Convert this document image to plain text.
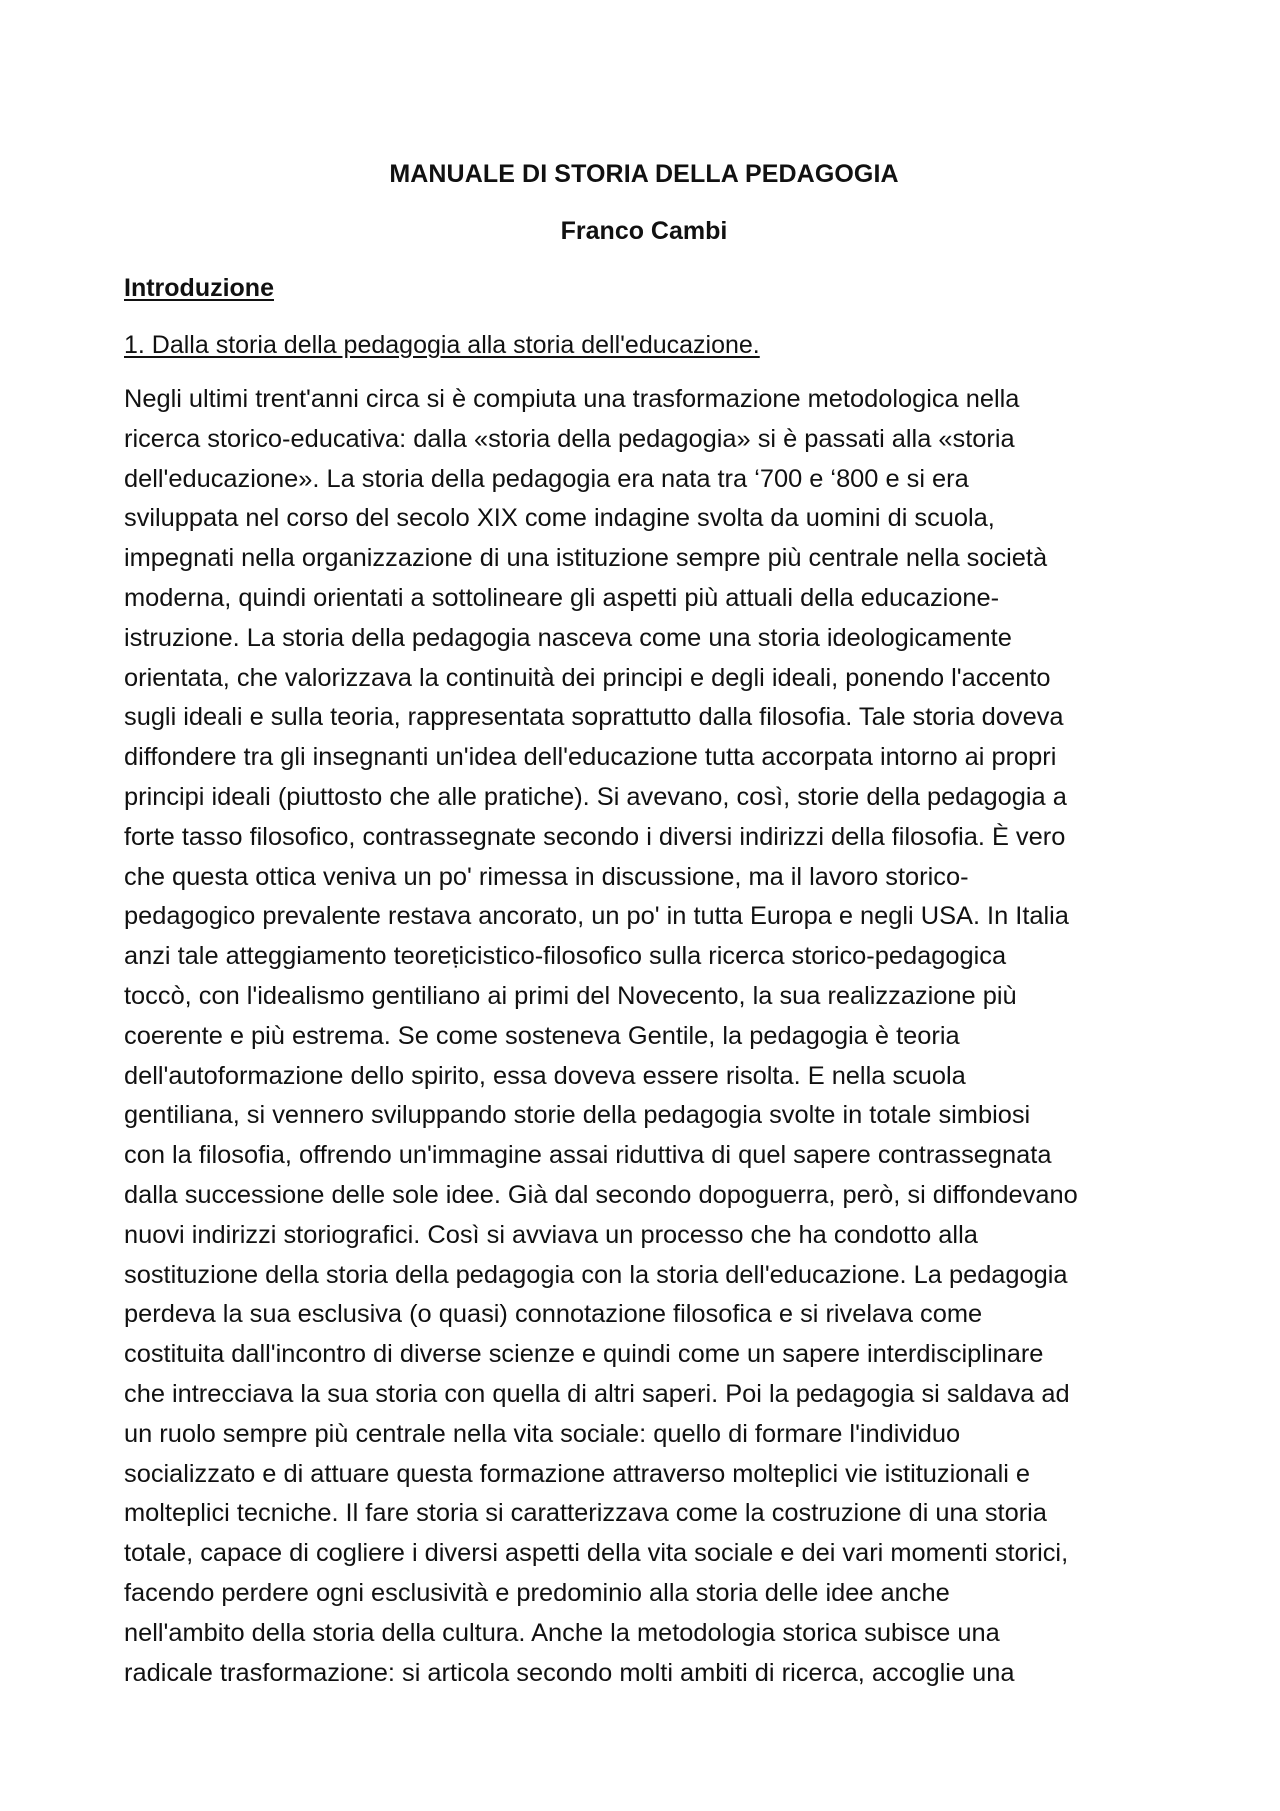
MANUALE DI STORIA DELLA PEDAGOGIA
Franco Cambi
Introduzione
1. Dalla storia della pedagogia alla storia dell'educazione.

Negli ultimi trent'anni circa si è compiuta una trasformazione metodologica nella
ricerca storico-educativa: dalla «storia della pedagogia» si è passati alla «storia
dell'educazione». La storia della pedagogia era nata tra ‘700 e ‘800 e si era
sviluppata nel corso del secolo XIX come indagine svolta da uomini di scuola,
impegnati nella organizzazione di una istituzione sempre più centrale nella società
moderna, quindi orientati a sottolineare gli aspetti più attuali della educazione-
istruzione. La storia della pedagogia nasceva come una storia ideologicamente
orientata, che valorizzava la continuità dei principi e degli ideali, ponendo l'accento
sugli ideali e sulla teoria, rappresentata soprattutto dalla filosofia. Tale storia doveva
diffondere tra gli insegnanti un'idea dell'educazione tutta accorpata intorno ai propri
principi ideali (piuttosto che alle pratiche). Si avevano, così, storie della pedagogia a
forte tasso filosofico, contrassegnate secondo i diversi indirizzi della filosofia. È vero
che questa ottica veniva un po' rimessa in discussione, ma il lavoro storico-
pedagogico prevalente restava ancorato, un po' in tutta Europa e negli USA. In Italia
anzi tale atteggiamento teoreṭicistico-filosofico sulla ricerca storico-pedagogica
toccò, con l'idealismo gentiliano ai primi del Novecento, la sua realizzazione più
coerente e più estrema. Se come sosteneva Gentile, la pedagogia è teoria
dell'autoformazione dello spirito, essa doveva essere risolta. E nella scuola
gentiliana, si vennero sviluppando storie della pedagogia svolte in totale simbiosi
con la filosofia, offrendo un'immagine assai riduttiva di quel sapere contrassegnata
dalla successione delle sole idee. Già dal secondo dopoguerra, però, si diffondevano
nuovi indirizzi storiografici. Così si avviava un processo che ha condotto alla
sostituzione della storia della pedagogia con la storia dell'educazione. La pedagogia
perdeva la sua esclusiva (o quasi) connotazione filosofica e si rivelava come
costituita dall'incontro di diverse scienze e quindi come un sapere interdisciplinare
che intrecciava la sua storia con quella di altri saperi. Poi la pedagogia si saldava ad
un ruolo sempre più centrale nella vita sociale: quello di formare l'individuo
socializzato e di attuare questa formazione attraverso molteplici vie istituzionali e
molteplici tecniche. Il fare storia si caratterizzava come la costruzione di una storia
totale, capace di cogliere i diversi aspetti della vita sociale e dei vari momenti storici,
facendo perdere ogni esclusività e predominio alla storia delle idee anche
nell'ambito della storia della cultura. Anche la metodologia storica subisce una
radicale trasformazione: si articola secondo molti ambiti di ricerca, accoglie una
